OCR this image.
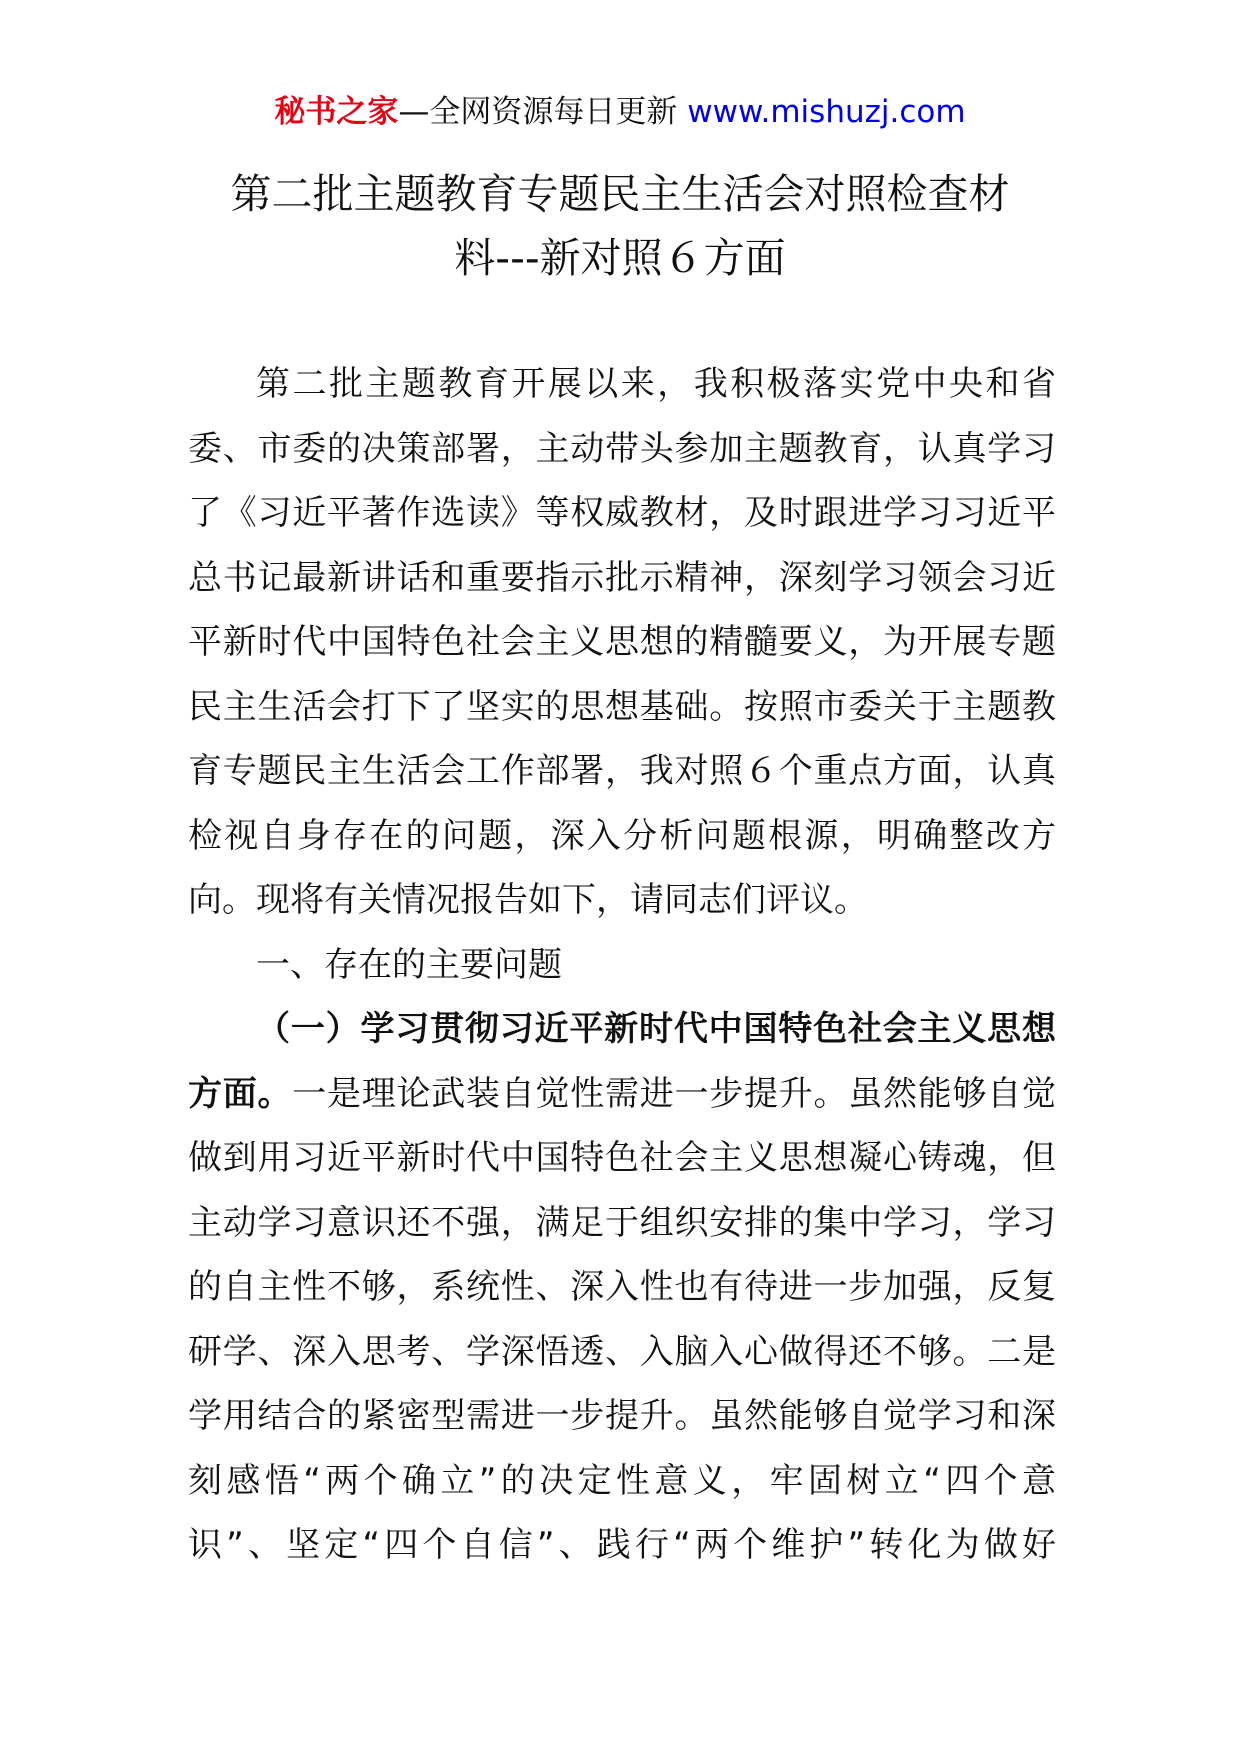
秘书之家—全网资源每日更新 www.mishuzj.com
第二批主题教育专题民主生活会对照检查材
料---新对照６方面
第二批主题教育开展以来，我积极落实党中央和省
委、市委的决策部署，主动带头参加主题教育，认真学习
了《习近平著作选读》等权威教材，及时跟进学习习近平
总书记最新讲话和重要指示批示精神，深刻学习领会习近
平新时代中国特色社会主义思想的精髓要义，为开展专题
民主生活会打下了坚实的思想基础。按照市委关于主题教
育专题民主生活会工作部署，我对照６个重点方面，认真
检视自身存在的问题，深入分析问题根源，明确整改方
向。现将有关情况报告如下，请同志们评议。
一、存在的主要问题
（一）学习贯彻习近平新时代中国特色社会主义思想
方面。一是理论武装自觉性需进一步提升。虽然能够自觉
做到用习近平新时代中国特色社会主义思想凝心铸魂，但
主动学习意识还不强，满足于组织安排的集中学习，学习
的自主性不够，系统性、深入性也有待进一步加强，反复
研学、深入思考、学深悟透、入脑入心做得还不够。二是
学用结合的紧密型需进一步提升。虽然能够自觉学习和深
刻感悟“两个确立”的决定性意义，牢固树立“四个意
识”、坚定“四个自信”、践行“两个维护”转化为做好
